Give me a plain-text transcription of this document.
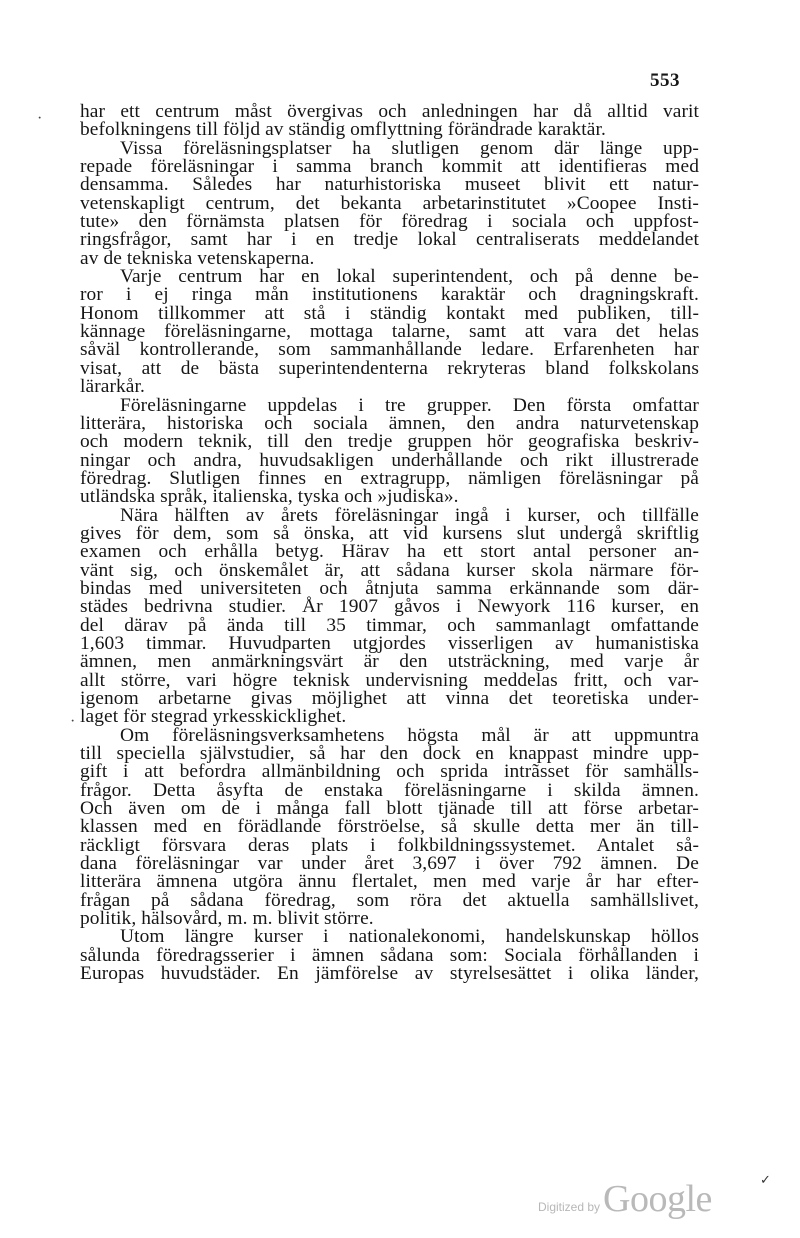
553
·
·
har ett centrum måst övergivas och anledningen har då alltid varit
befolkningens till följd av ständig omflyttning förändrade karaktär.
Vissa föreläsningsplatser ha slutligen genom där länge upp-
repade föreläsningar i samma branch kommit att identifieras med
densamma. Således har naturhistoriska museet blivit ett natur-
vetenskapligt centrum, det bekanta arbetarinstitutet »Coopee Insti-
tute» den förnämsta platsen för föredrag i sociala och uppfost-
ringsfrågor, samt har i en tredje lokal centraliserats meddelandet
av de tekniska vetenskaperna.
Varje centrum har en lokal superintendent, och på denne be-
ror i ej ringa mån institutionens karaktär och dragningskraft.
Honom tillkommer att stå i ständig kontakt med publiken, till-
kännage föreläsningarne, mottaga talarne, samt att vara det helas
såväl kontrollerande, som sammanhållande ledare. Erfarenheten har
visat, att de bästa superintendenterna rekryteras bland folkskolans
lärarkår.
Föreläsningarne uppdelas i tre grupper. Den första omfattar
litterära, historiska och sociala ämnen, den andra naturvetenskap
och modern teknik, till den tredje gruppen hör geografiska beskriv-
ningar och andra, huvudsakligen underhållande och rikt illustrerade
föredrag. Slutligen finnes en extragrupp, nämligen föreläsningar på
utländska språk, italienska, tyska och »judiska».
Nära hälften av årets föreläsningar ingå i kurser, och tillfälle
gives för dem, som så önska, att vid kursens slut undergå skriftlig
examen och erhålla betyg. Härav ha ett stort antal personer an-
vänt sig, och önskemålet är, att sådana kurser skola närmare för-
bindas med universiteten och åtnjuta samma erkännande som där-
städes bedrivna studier. År 1907 gåvos i Newyork 116 kurser, en
del därav på ända till 35 timmar, och sammanlagt omfattande
1,603 timmar. Huvudparten utgjordes visserligen av humanistiska
ämnen, men anmärkningsvärt är den utsträckning, med varje år
allt större, vari högre teknisk undervisning meddelas fritt, och var-
igenom arbetarne givas möjlighet att vinna det teoretiska under-
laget för stegrad yrkesskicklighet.
Om föreläsningsverksamhetens högsta mål är att uppmuntra
till speciella självstudier, så har den dock en knappast mindre upp-
gift i att befordra allmänbildning och sprida intrãsset för samhälls-
frågor. Detta åsyfta de enstaka föreläsningarne i skilda ämnen.
Och även om de i många fall blott tjänade till att förse arbetar-
klassen med en förädlande förströelse, så skulle detta mer än till-
räckligt försvara deras plats i folkbildningssystemet. Antalet så-
dana föreläsningar var under året 3,697 i över 792 ämnen. De
litterära ämnena utgöra ännu flertalet, men med varje år har efter-
frågan på sådana föredrag, som röra det aktuella samhällslivet,
politik, hälsovård, m. m. blivit större.
Utom längre kurser i nationalekonomi, handelskunskap höllos
sålunda föredragsserier i ämnen sådana som: Sociala förhållanden i
Europas huvudstäder. En jämförelse av styrelsesättet i olika länder,
✓
Digitized by Google
